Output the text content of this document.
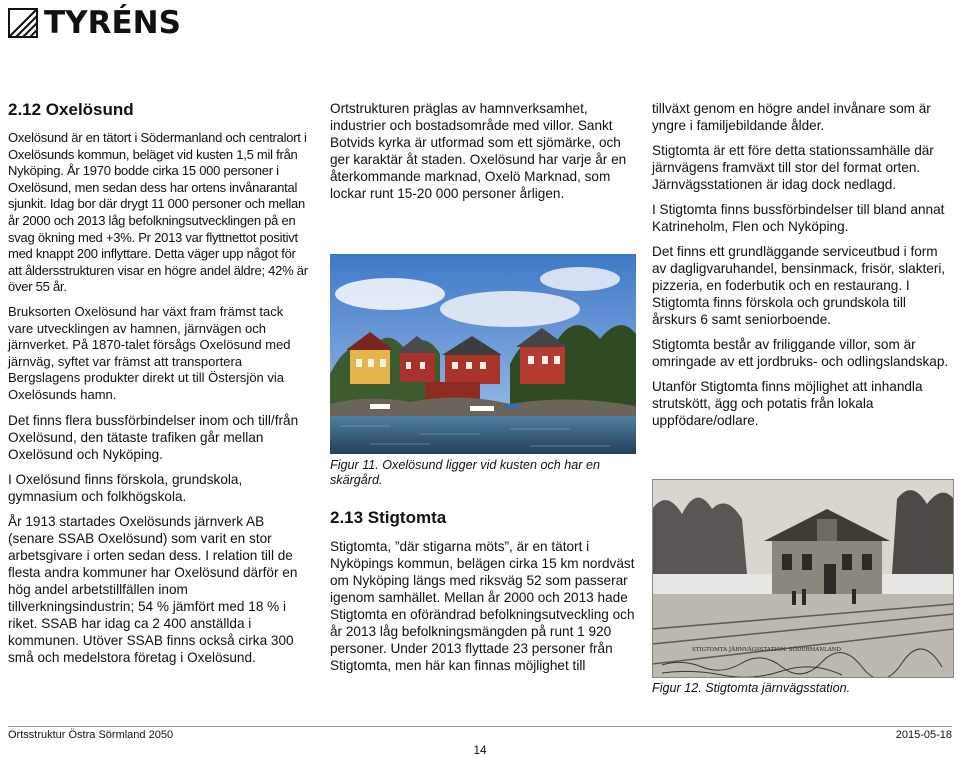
TYRÉNS
2.12 Oxelösund

Oxelösund är en tätort i Södermanland och centralort i Oxelösunds kommun, beläget vid kusten 1,5 mil från Nyköping. År 1970 bodde cirka 15 000 personer i Oxelösund, men sedan dess har ortens invånarantal sjunkit. Idag bor där drygt 11 000 personer och mellan år 2000 och 2013 låg befolkningsutvecklingen på en svag ökning med +3%. Pr 2013 var flyttnettot positivt med knappt 200 inflyttare. Detta väger upp något för att åldersstrukturen visar en högre andel äldre; 42% är över 55 år.

Bruksorten Oxelösund har växt fram främst tack vare utvecklingen av hamnen, järnvägen och järnverket. På 1870-talet försågs Oxelösund med järnväg, syftet var främst att transportera Bergslagens produkter direkt ut till Östersjön via Oxelösunds hamn.

Det finns flera bussförbindelser inom och till/från Oxelösund, den tätaste trafiken går mellan Oxelösund och Nyköping.

I Oxelösund finns förskola, grundskola, gymnasium och folkhögskola.

År 1913 startades Oxelösunds järnverk AB (senare SSAB Oxelösund) som varit en stor arbetsgivare i orten sedan dess. I relation till de flesta andra kommuner har Oxelösund därför en hög andel arbetstillfällen inom tillverkningsindustrin; 54 % jämfört med 18 % i riket. SSAB har idag ca 2 400 anställda i kommunen. Utöver SSAB finns också cirka 300 små och medelstora företag i Oxelösund.

Ortstrukturen präglas av hamnverksamhet, industrier och bostadsområde med villor. Sankt Botvids kyrka är utformad som ett sjömärke, och ger karaktär åt staden. Oxelösund har varje år en återkommande marknad, Oxelö Marknad, som lockar runt 15-20 000 personer årligen.

Figur 11. Oxelösund ligger vid kusten och har en skärgård.

2.13 Stigtomta

Stigtomta, ”där stigarna möts”, är en tätort i Nyköpings kommun, belägen cirka 15 km nordväst om Nyköping längs med riksväg 52 som passerar igenom samhället. Mellan år 2000 och 2013 hade Stigtomta en oförändrad befolkningsutveckling och år 2013 låg befolkningsmängden på runt 1 920 personer. Under 2013 flyttade 23 personer från Stigtomta, men här kan finnas möjlighet till

tillväxt genom en högre andel invånare som är yngre i familjebildande ålder.

Stigtomta är ett före detta stationssamhälle där järnvägens framväxt till stor del format orten. Järnvägsstationen är idag dock nedlagd.

I Stigtomta finns bussförbindelser till bland annat Katrineholm, Flen och Nyköping.

Det finns ett grundläggande serviceutbud i form av dagligvaruhandel, bensinmack, frisör, slakteri, pizzeria, en foderbutik och en restaurang. I Stigtomta finns förskola och grundskola till årskurs 6 samt seniorboende.

Stigtomta består av friliggande villor, som är omringade av ett jordbruks- och odlingslandskap.

Utanför Stigtomta finns möjlighet att inhandla strutskött, ägg och potatis från lokala uppfödare/odlare.

STIGTOMTA JÄRNVÄGSSTATION. SÖDERMANLAND

Figur 12. Stigtomta järnvägsstation.

Ortsstruktur Östra Sörmland 2050	2015-05-18
14
